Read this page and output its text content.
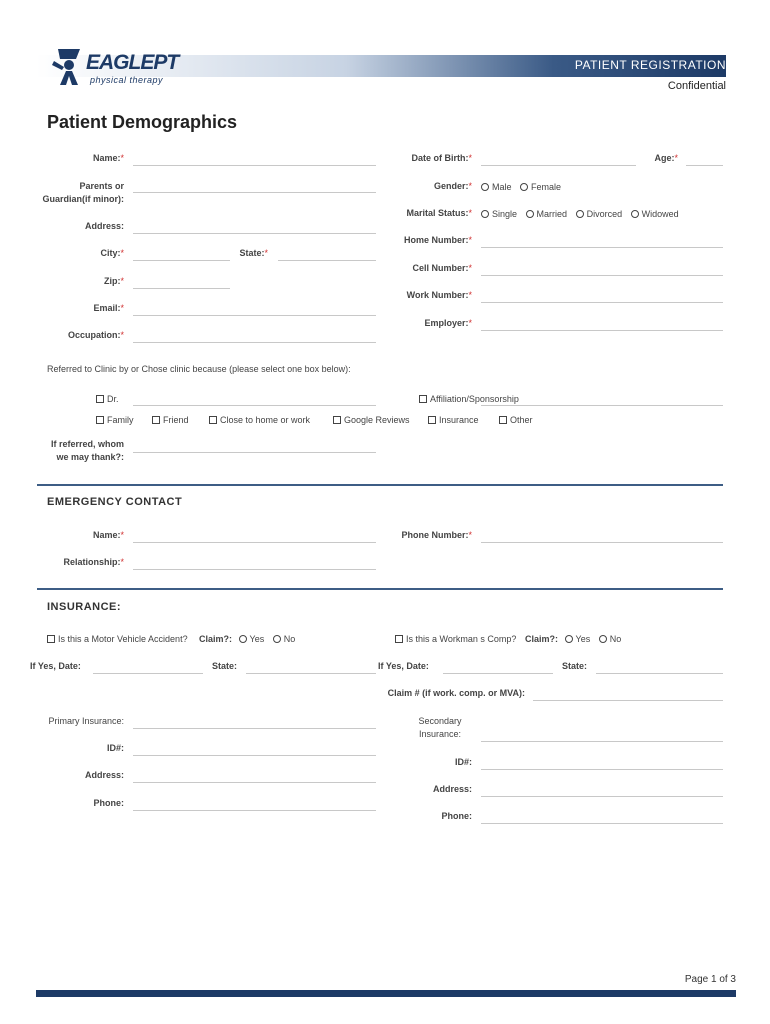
PATIENT REGISTRATION
Confidential
EAGLEPT
physical therapy
Patient Demographics
Name:*
Parents or Guardian(if minor):
Address:
City:*	State:*
Zip:*
Email:*
Occupation:*
Date of Birth:*	Age:*
Gender:*	Male Female
Marital Status:*	Single Married Divorced Widowed
Home Number:*
Cell Number:*
Work Number:*
Employer:*
Referred to Clinic by or Chose clinic because (please select one box below):
Dr.	Affiliation/Sponsorship
Family	Friend	Close to home or work	Google Reviews	Insurance	Other
If referred, whom we may thank?:
EMERGENCY CONTACT
Name:*
Relationship:*
Phone Number:*
INSURANCE:
Is this a Motor Vehicle Accident? Claim?: Yes No	Is this a Workman s Comp? Claim?: Yes No
If Yes, Date:	State:	If Yes, Date:	State:
Claim # (if work. comp. or MVA):
Primary Insurance:
ID#:
Address:
Phone:
Secondary Insurance:
ID#:
Address:
Phone:
Page 1 of 3
